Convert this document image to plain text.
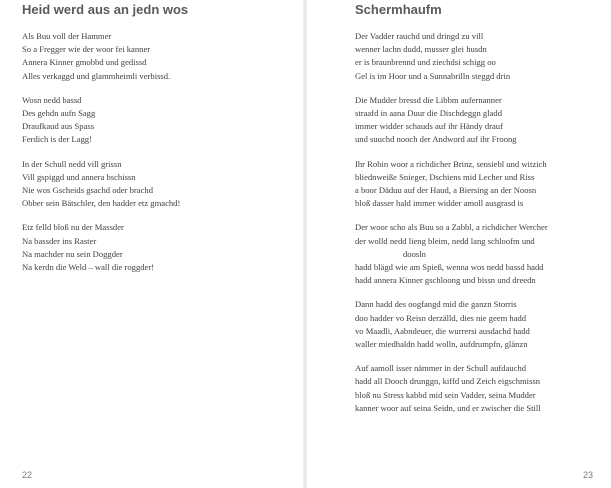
Heid werd aus an jedn wos
Als Buu voll der Hammer
So a Fregger wie der woor fei kanner
Annera Kinner gmobbd und gedissd
Alles verkaggd und glammheimli verbissd.
Wosn nedd bassd
Des gehdn aufn Sagg
Draufkaud aus Spass
Ferdich is der Lagg!
In der Schull nedd vill grissn
Vill gspiggd und annera bschissn
Nie wos Gscheids gsachd oder brachd
Obber sein Bätschler, den hadder etz gmachd!
Etz felld bloß nu der Massder
Na bassder ins Raster
Na machder nu sein Doggder
Na kerdn die Weld – wall die roggder!
22
Schermhaufm
Der Vadder rauchd und dringd zu vill
wenner lachn dudd, musser glei husdn
er is braunbrennd und ziechdsi schigg oo
Gel is im Hoor und a Sunnabrilln steggd drin
Die Mudder bressd die Libbm aufernanner
straafd in aana Duur die Dischdeggn gladd
immer widder schauds auf ihr Händy drauf
und suuchd nooch der Andword auf ihr Froong
Ihr Robin woor a richdicher Brinz, sensiebl und witzich
bliednweiße Snieger, Dschiens mid Lecher und Riss
a boor Däduu auf der Haud, a Biersing an der Noosn
bloß dasser hald immer widder amoll ausgrasd is
Der woor scho als Buu so a Zabbl, a richdicher Wercher
der wolld nedd lieng bleim, nedd lang schloofm und
doosln
hadd blägd wie am Spieß, wenna wos nedd bassd hadd
hadd annera Kinner gschloong und bissn und dreedn
Dann hadd des oogfangd mid die ganzn Storris
doo hadder vo Reisn derzälld, dies nie geem hadd
vo Maadli, Aabndeuer, die wurrersi ausdachd hadd
waller miedhaldn hadd wolln, aufdrumpfn, glänzn
Auf aamoll isser nämmer in der Schull aufdauchd
hadd all Dooch drunggn, kiffd und Zeich eigschmissn
bloß nu Stress kabbd mid sein Vadder, seina Mudder
kanner woor auf seina Seidn, und er zwischer die Still
23
